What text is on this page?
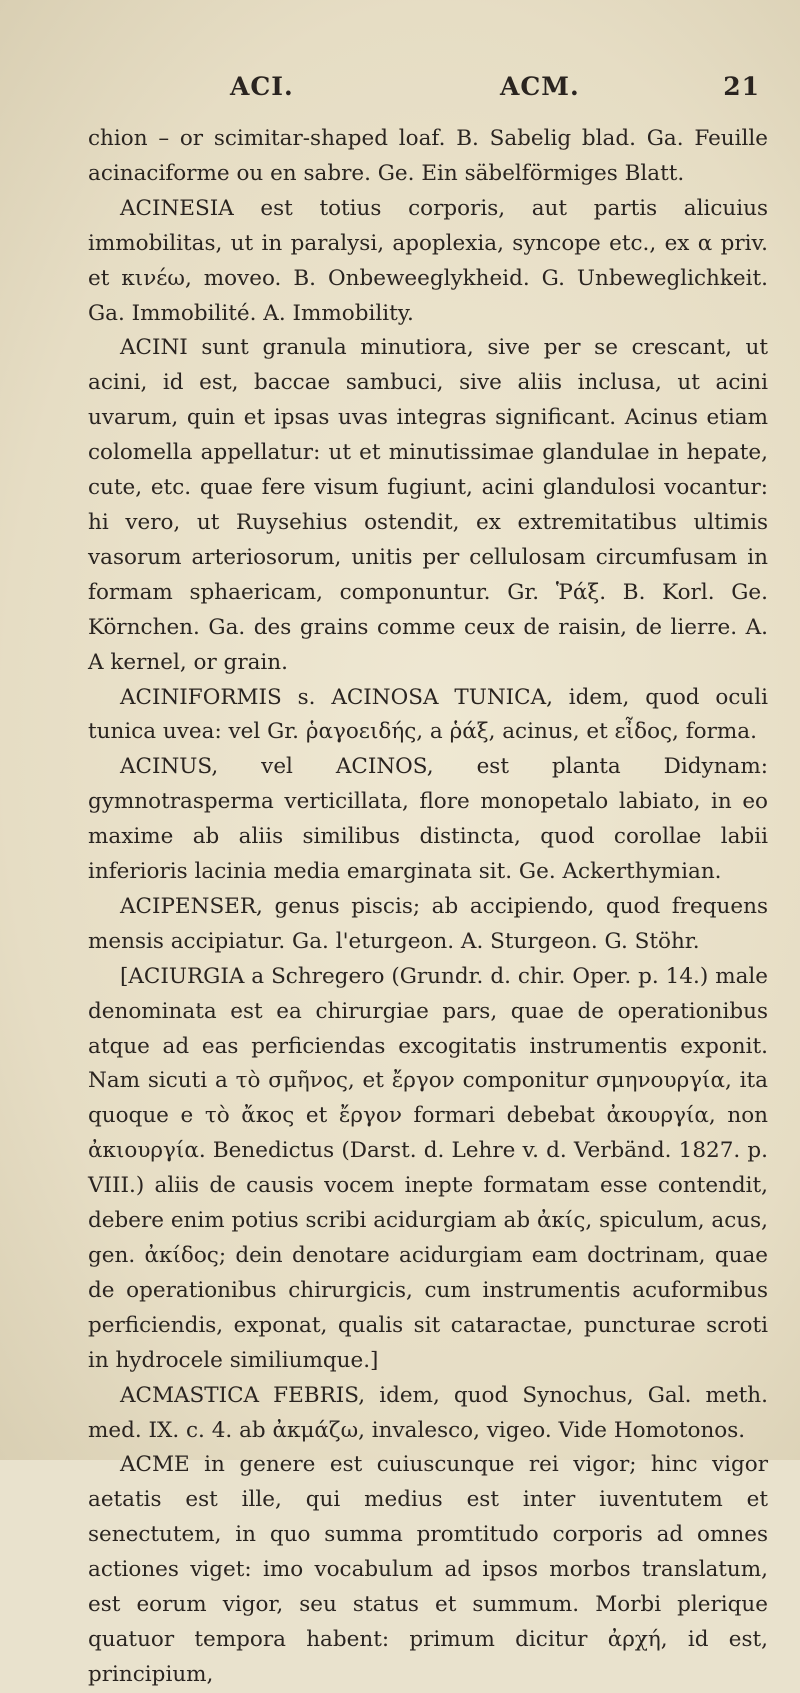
ACI.	ACM.	21

chion – or scimitar-shaped loaf. B. Sabelig blad. Ga. Feuille acinaciforme ou en sabre. Ge. Ein säbelförmiges Blatt.

ACINESIA est totius corporis, aut partis alicuius immobilitas, ut in paralysi, apoplexia, syncope etc., ex α priv. et κινέω, moveo. B. Onbeweeglykheid. G. Unbeweglichkeit. Ga. Immobilité. A. Immobility.

ACINI sunt granula minutiora, sive per se crescant, ut acini, id est, baccae sambuci, sive aliis inclusa, ut acini uvarum, quin et ipsas uvas integras significant. Acinus etiam colomella appellatur: ut et minutissimae glandulae in hepate, cute, etc. quae fere visum fugiunt, acini glandulosi vocantur: hi vero, ut Ruysehius ostendit, ex extremitatibus ultimis vasorum arteriosorum, unitis per cellulosam circumfusam in formam sphaericam, componuntur. Gr. Ῥάξ. B. Korl. Ge. Körnchen. Ga. des grains comme ceux de raisin, de lierre. A. A kernel, or grain.

ACINIFORMIS s. ACINOSA TUNICA, idem, quod oculi tunica uvea: vel Gr. ῥαγοειδής, a ῥάξ, acinus, et εἶδος, forma.

ACINUS, vel ACINOS, est planta Didynam: gymnotrasperma verticillata, flore monopetalo labiato, in eo maxime ab aliis similibus distincta, quod corollae labii inferioris lacinia media emarginata sit. Ge. Ackerthymian.

ACIPENSER, genus piscis; ab accipiendo, quod frequens mensis accipiatur. Ga. l'eturgeon. A. Sturgeon. G. Stöhr.

[ACIURGIA a Schregero (Grundr. d. chir. Oper. p. 14.) male denominata est ea chirurgiae pars, quae de operationibus atque ad eas perficiendas excogitatis instrumentis exponit. Nam sicuti a τὸ σμῆνος, et ἔργον componitur σμηνουργία, ita quoque e τὸ ἄκος et ἔργον formari debebat ἀκουργία, non ἀκιουργία. Benedictus (Darst. d. Lehre v. d. Verbänd. 1827. p. VIII.) aliis de causis vocem inepte formatam esse contendit, debere enim potius scribi acidurgiam ab ἀκίς, spiculum, acus, gen. ἀκίδος; dein denotare acidurgiam eam doctrinam, quae de operationibus chirurgicis, cum instrumentis acuformibus perficiendis, exponat, qualis sit cataractae, puncturae scroti in hydrocele similiumque.]

ACMASTICA FEBRIS, idem, quod Synochus, Gal. meth. med. IX. c. 4. ab ἀκμάζω, invalesco, vigeo. Vide Homotonos.

ACME in genere est cuiuscunque rei vigor; hinc vigor aetatis est ille, qui medius est inter iuventutem et senectutem, in quo summa promtitudo corporis ad omnes actiones viget: imo vocabulum ad ipsos morbos translatum, est eorum vigor, seu status et summum. Morbi plerique quatuor tempora habent: primum dicitur ἀρχή, id est, principium,
